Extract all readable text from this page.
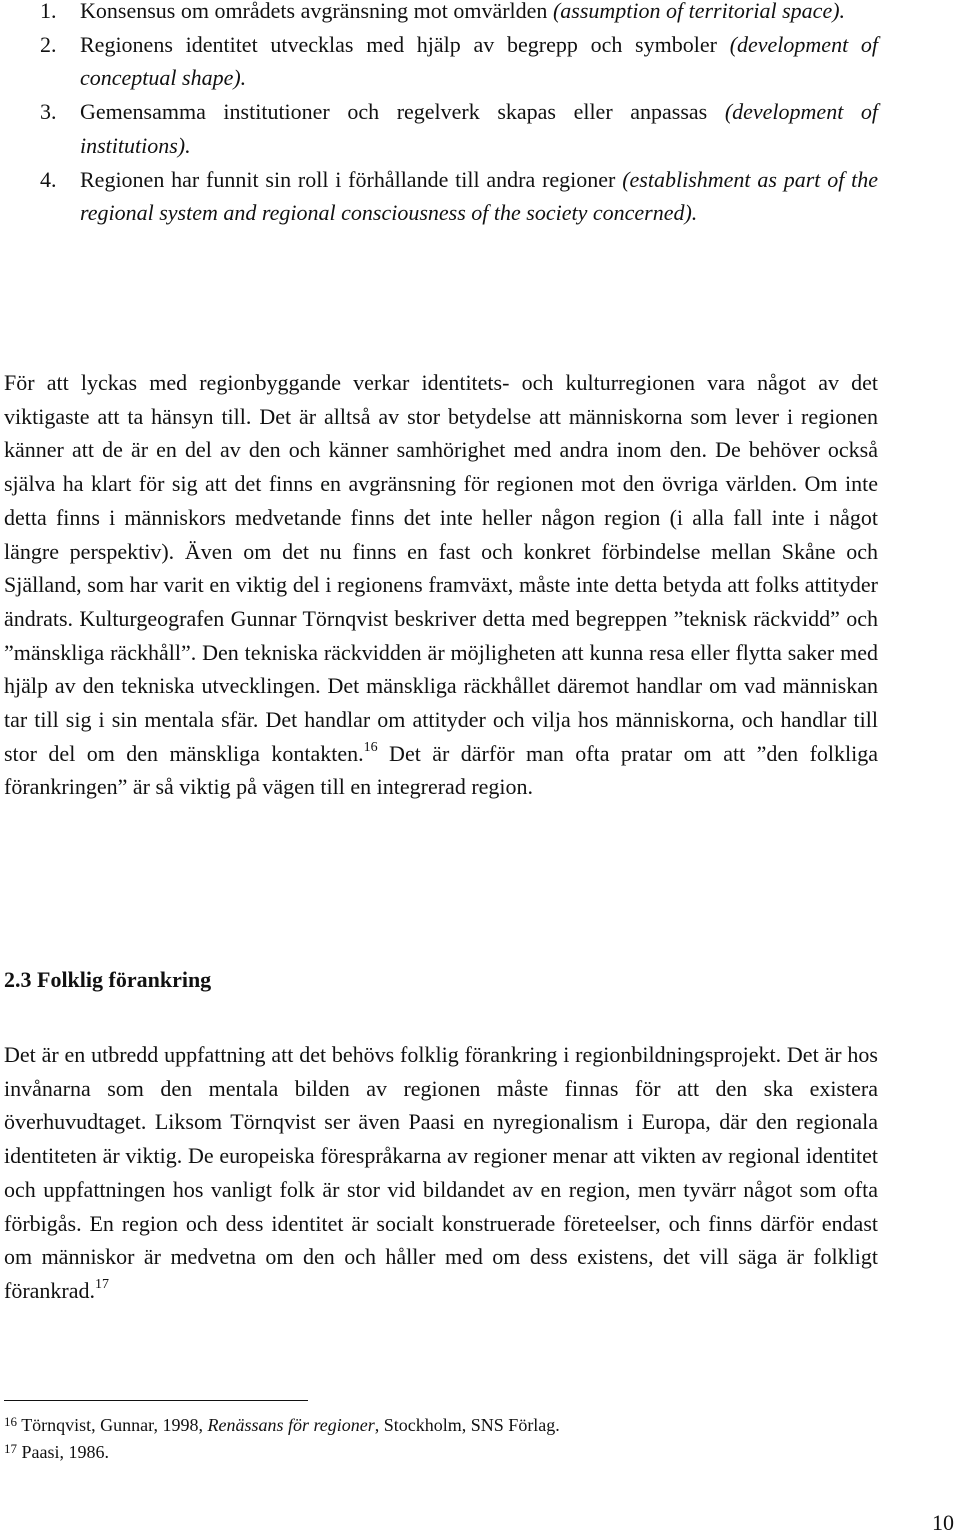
1. Konsensus om områdets avgränsning mot omvärlden (assumption of territorial space).
2. Regionens identitet utvecklas med hjälp av begrepp och symboler (development of conceptual shape).
3. Gemensamma institutioner och regelverk skapas eller anpassas (development of institutions).
4. Regionen har funnit sin roll i förhållande till andra regioner (establishment as part of the regional system and regional consciousness of the society concerned).

För att lyckas med regionbyggande verkar identitets- och kulturregionen vara något av det viktigaste att ta hänsyn till. Det är alltså av stor betydelse att människorna som lever i regionen känner att de är en del av den och känner samhörighet med andra inom den. De behöver också själva ha klart för sig att det finns en avgränsning för regionen mot den övriga världen. Om inte detta finns i människors medvetande finns det inte heller någon region (i alla fall inte i något längre perspektiv). Även om det nu finns en fast och konkret förbindelse mellan Skåne och Själland, som har varit en viktig del i regionens framväxt, måste inte detta betyda att folks attityder ändrats. Kulturgeografen Gunnar Törnqvist beskriver detta med begreppen ”teknisk räckvidd” och ”mänskliga räckhåll”. Den tekniska räckvidden är möjligheten att kunna resa eller flytta saker med hjälp av den tekniska utvecklingen. Det mänskliga räckhållet däremot handlar om vad människan tar till sig i sin mentala sfär. Det handlar om attityder och vilja hos människorna, och handlar till stor del om den mänskliga kontakten.$^{16}$ Det är därför man ofta pratar om att ”den folkliga förankringen” är så viktig på vägen till en integrerad region.

2.3 Folklig förankring

Det är en utbredd uppfattning att det behövs folklig förankring i regionbildningsprojekt. Det är hos invånarna som den mentala bilden av regionen måste finnas för att den ska existera överhuvudtaget. Liksom Törnqvist ser även Paasi en nyregionalism i Europa, där den regionala identiteten är viktig. De europeiska förespråkarna av regioner menar att vikten av regional identitet och uppfattningen hos vanligt folk är stor vid bildandet av en region, men tyvärr något som ofta förbigås. En region och dess identitet är socialt konstruerade företeelser, och finns därför endast om människor är medvetna om den och håller med om dess existens, det vill säga är folkligt förankrad.$^{17}$

$^{16}$ Törnqvist, Gunnar, 1998, Renässans för regioner, Stockholm, SNS Förlag.

$^{17}$ Paasi, 1986.

10
